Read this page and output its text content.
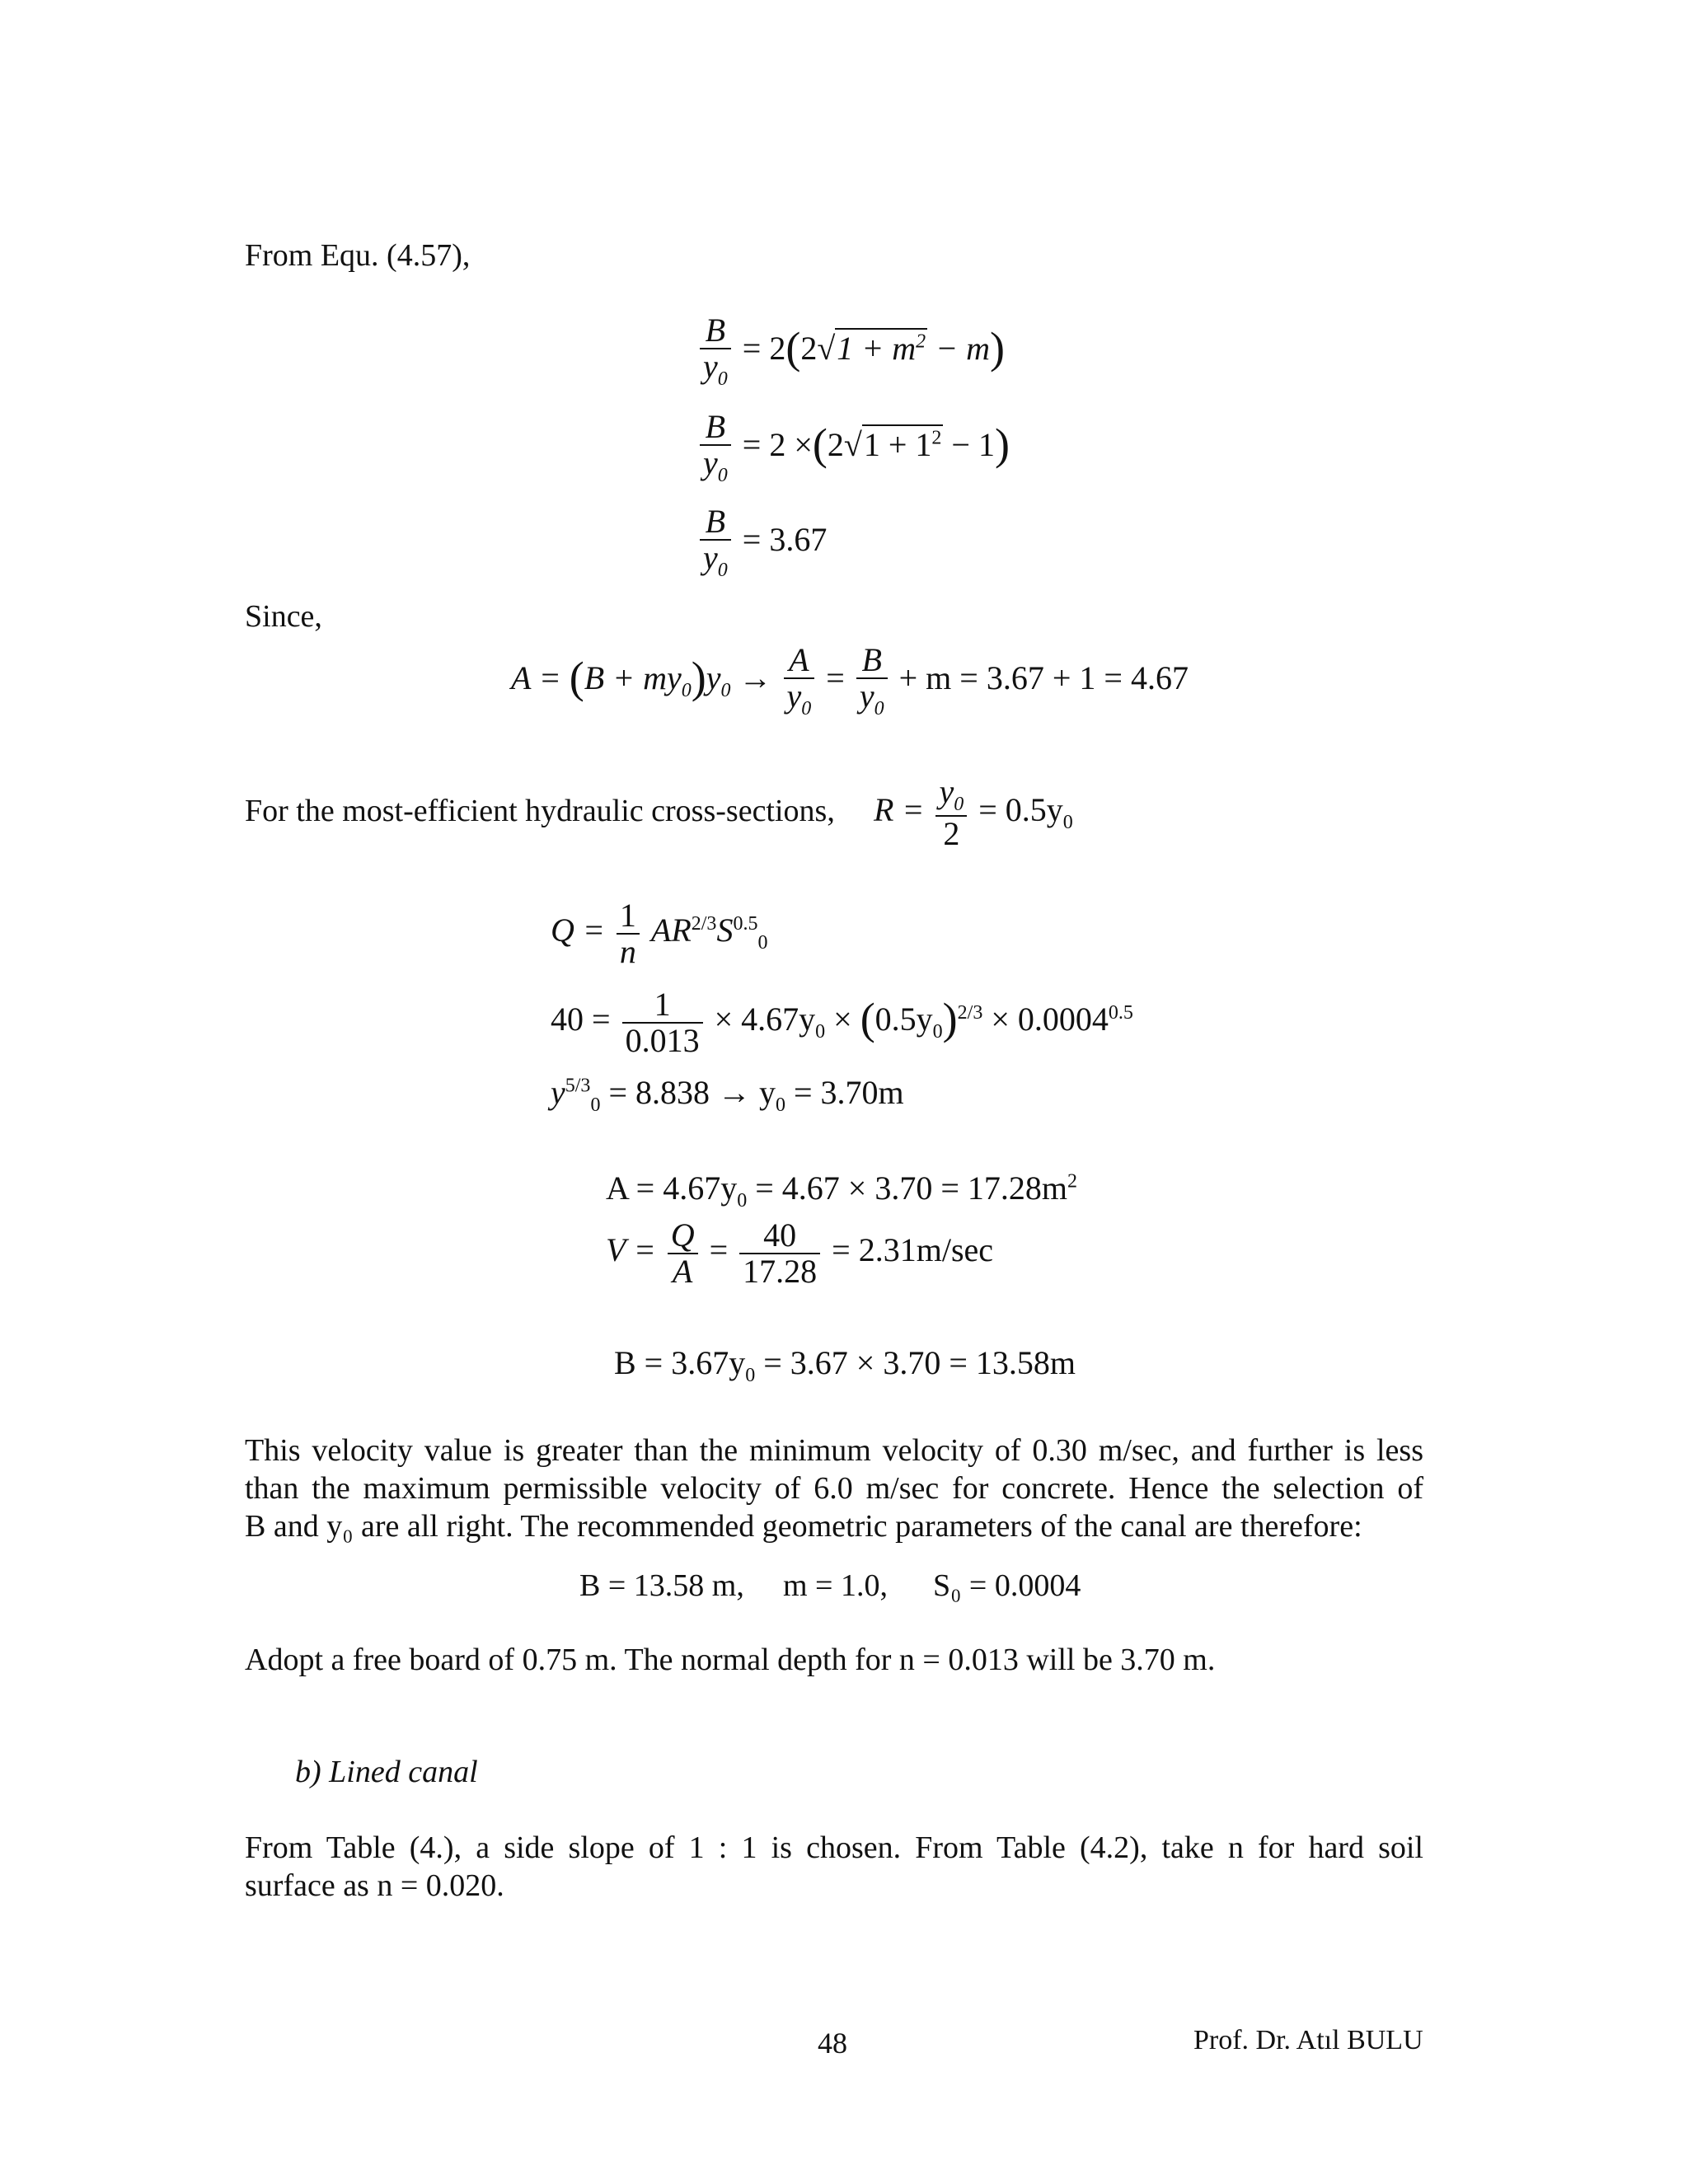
From Equ. (4.57),
$\frac{B}{y_0} = 2(2√1 + m^2 - m)$
$\frac{B}{y_0} = 2 \times(2√1 + 1^2 - 1)$
$\frac{B}{y_0} = 3.67$
Since,
$A = (B + my_0)y_0 \to \frac{A}{y_0} = \frac{B}{y_0} + m = 3.67 + 1 = 4.67$
For the most-efficient hydraulic cross-sections, $R = \frac{y_0}{2} = 0.5y_0$
$Q = \frac{1}{n} AR^{2/3}S^{0.5}_0$
$40 = \frac{1}{0.013} \times 4.67y_0 \times (0.5y_0)^{2/3} \times 0.0004^{0.5}$
$y^{5/3}_0 = 8.838 \to y_0 = 3.70m$
$A = 4.67y_0 = 4.67 \times 3.70 = 17.28m^2$
$V = \frac{Q}{A} = \frac{40}{17.28} = 2.31m/\sec$
$B = 3.67y_0 = 3.67 \times 3.70 = 13.58m$
This velocity value is greater than the minimum velocity of 0.30 m/sec, and further is less
than the maximum permissible velocity of 6.0 m/sec for concrete. Hence the selection of
B and y₀ are all right. The recommended geometric parameters of the canal are therefore:
B = 13.58 m, m = 1.0, S₀ = 0.0004
Adopt a free board of 0.75 m. The normal depth for n = 0.013 will be 3.70 m.
b) Lined canal
From Table (4.), a side slope of 1 : 1 is chosen. From Table (4.2), take n for hard soil
surface as n = 0.020.
48	Prof. Dr. Atıl BULU
